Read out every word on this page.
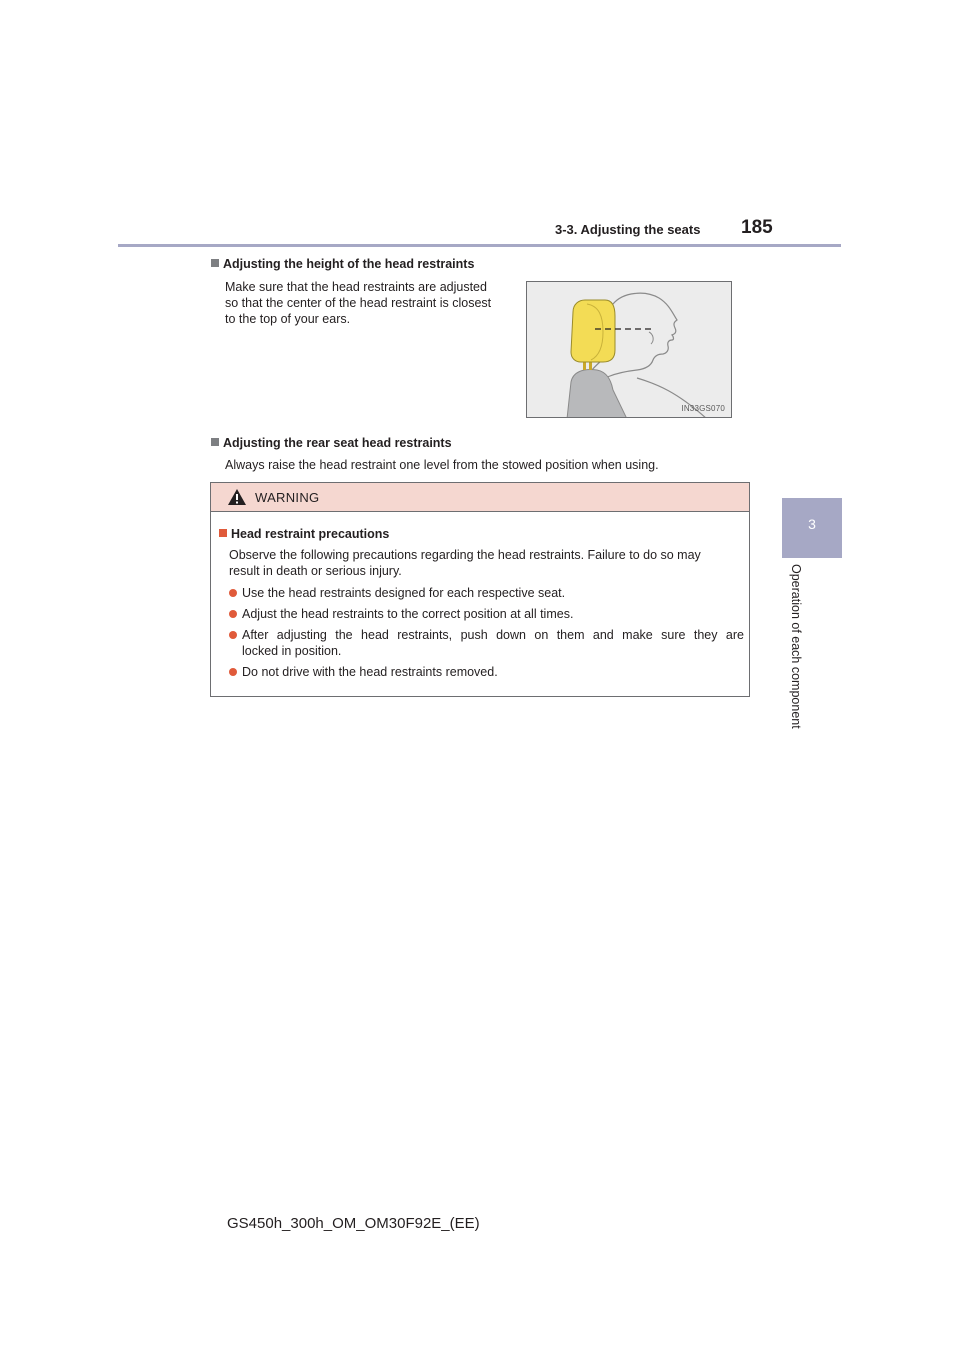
3-3. Adjusting the seats 185
3
Operation of each component
Adjusting the height of the head restraints
Make sure that the head restraints are adjusted
so that the center of the head restraint is closest
to the top of your ears.
IN33GS070
Adjusting the rear seat head restraints
Always raise the head restraint one level from the stowed position when using.
WARNING
Head restraint precautions
Observe the following precautions regarding the head restraints. Failure to do so may
result in death or serious injury.
Use the head restraints designed for each respective seat.
Adjust the head restraints to the correct position at all times.
After adjusting the head restraints, push down on them and make sure they are
locked in position.
Do not drive with the head restraints removed.
GS450h_300h_OM_OM30F92E_(EE)
